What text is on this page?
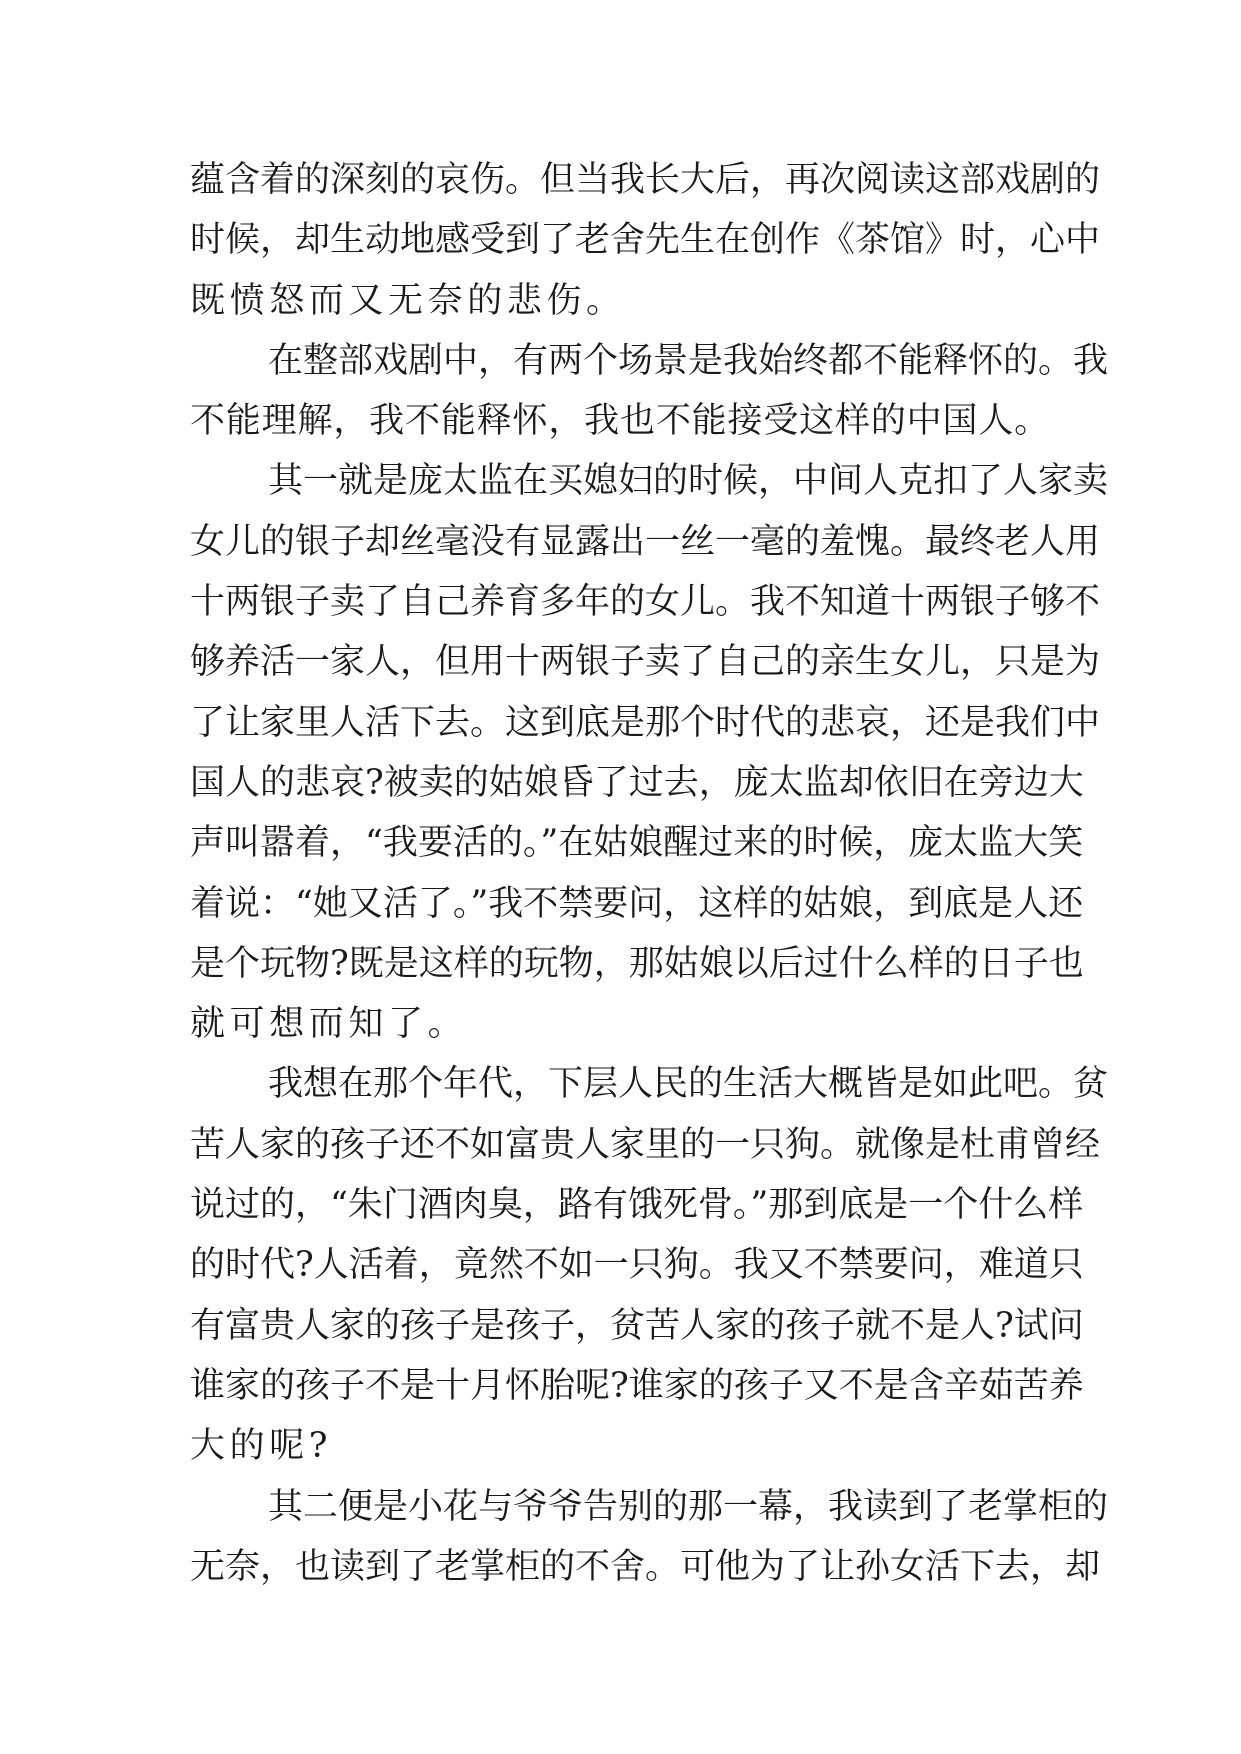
蕴含着的深刻的哀伤。但当我长大后，再次阅读这部戏剧的
时候，却生动地感受到了老舍先生在创作《茶馆》时，心中
既愤怒而又无奈的悲伤。

在整部戏剧中，有两个场景是我始终都不能释怀的。我
不能理解，我不能释怀，我也不能接受这样的中国人。

其一就是庞太监在买媳妇的时候，中间人克扣了人家卖
女儿的银子却丝毫没有显露出一丝一毫的羞愧。最终老人用
十两银子卖了自己养育多年的女儿。我不知道十两银子够不
够养活一家人，但用十两银子卖了自己的亲生女儿，只是为
了让家里人活下去。这到底是那个时代的悲哀，还是我们中
国人的悲哀?被卖的姑娘昏了过去，庞太监却依旧在旁边大
声叫嚣着，“我要活的。”在姑娘醒过来的时候，庞太监大笑
着说：“她又活了。”我不禁要问，这样的姑娘，到底是人还
是个玩物?既是这样的玩物，那姑娘以后过什么样的日子也
就可想而知了。

我想在那个年代，下层人民的生活大概皆是如此吧。贫
苦人家的孩子还不如富贵人家里的一只狗。就像是杜甫曾经
说过的，“朱门酒肉臭，路有饿死骨。”那到底是一个什么样
的时代?人活着，竟然不如一只狗。我又不禁要问，难道只
有富贵人家的孩子是孩子，贫苦人家的孩子就不是人?试问
谁家的孩子不是十月怀胎呢?谁家的孩子又不是含辛茹苦养
大的呢?

其二便是小花与爷爷告别的那一幕，我读到了老掌柜的
无奈，也读到了老掌柜的不舍。可他为了让孙女活下去，却
